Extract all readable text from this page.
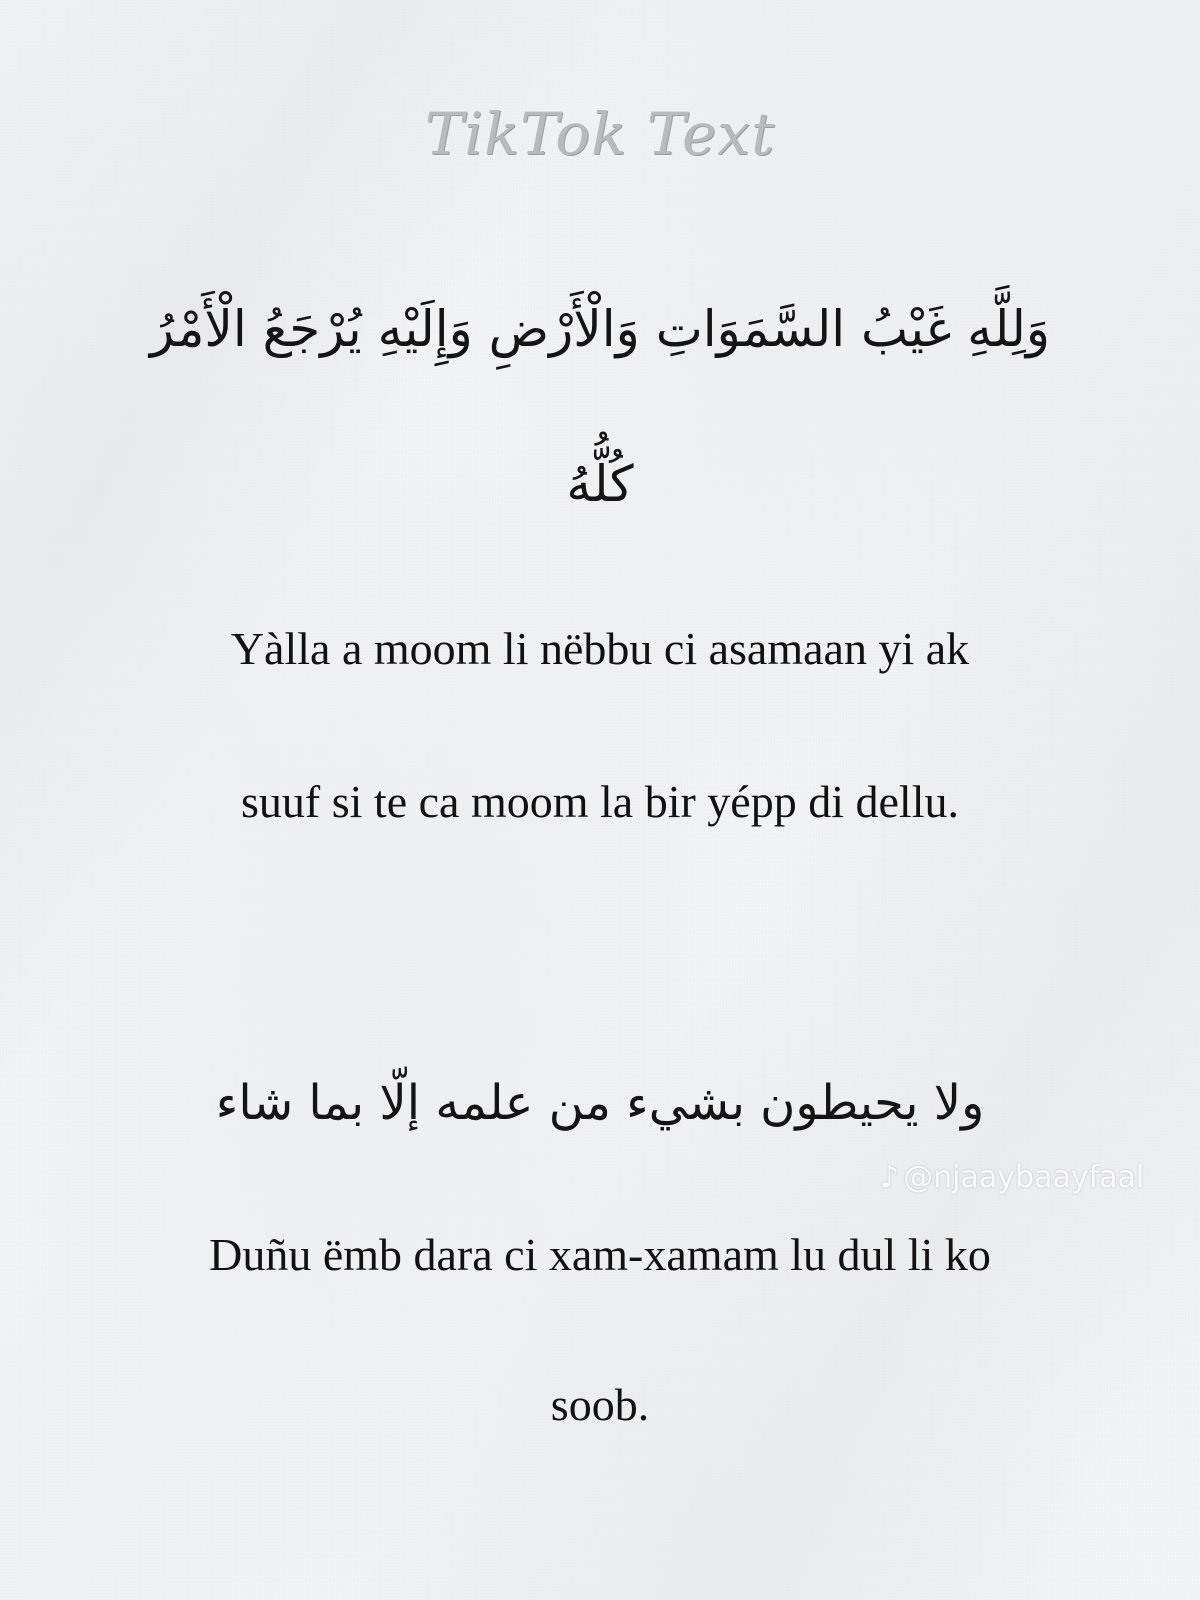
TikTok Text
وَلِلَّهِ غَيْبُ السَّمَوَاتِ وَالْأَرْضِ وَإِلَيْهِ يُرْجَعُ الْأَمْرُ
كُلُّهُ
Yàlla a moom li nëbbu ci asamaan yi ak
suuf si te ca moom la bir yépp di dellu.
ولا يحيطون بشيء من علمه إلّا بما شاء
♪ @njaaybaayfaal
Duñu ëmb dara ci xam-xamam lu dul li ko
soob.
